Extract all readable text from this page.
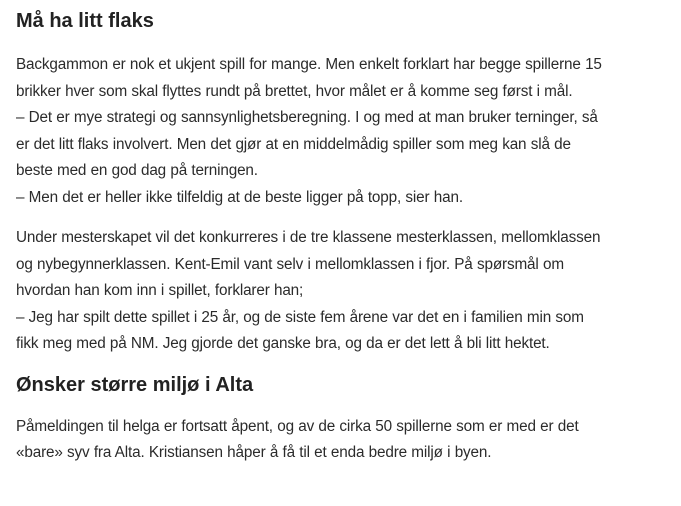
Må ha litt flaks

Backgammon er nok et ukjent spill for mange. Men enkelt forklart har begge spillerne 15
brikker hver som skal flyttes rundt på brettet, hvor målet er å komme seg først i mål.
– Det er mye strategi og sannsynlighetsberegning. I og med at man bruker terninger, så
er det litt flaks involvert. Men det gjør at en middelmådig spiller som meg kan slå de
beste med en god dag på terningen.
– Men det er heller ikke tilfeldig at de beste ligger på topp, sier han.

Under mesterskapet vil det konkurreres i de tre klassene mesterklassen, mellomklassen
og nybegynnerklassen. Kent-Emil vant selv i mellomklassen i fjor. På spørsmål om
hvordan han kom inn i spillet, forklarer han;
– Jeg har spilt dette spillet i 25 år, og de siste fem årene var det en i familien min som
fikk meg med på NM. Jeg gjorde det ganske bra, og da er det lett å bli litt hektet.

Ønsker større miljø i Alta

Påmeldingen til helga er fortsatt åpent, og av de cirka 50 spillerne som er med er det
«bare» syv fra Alta. Kristiansen håper å få til et enda bedre miljø i byen.
